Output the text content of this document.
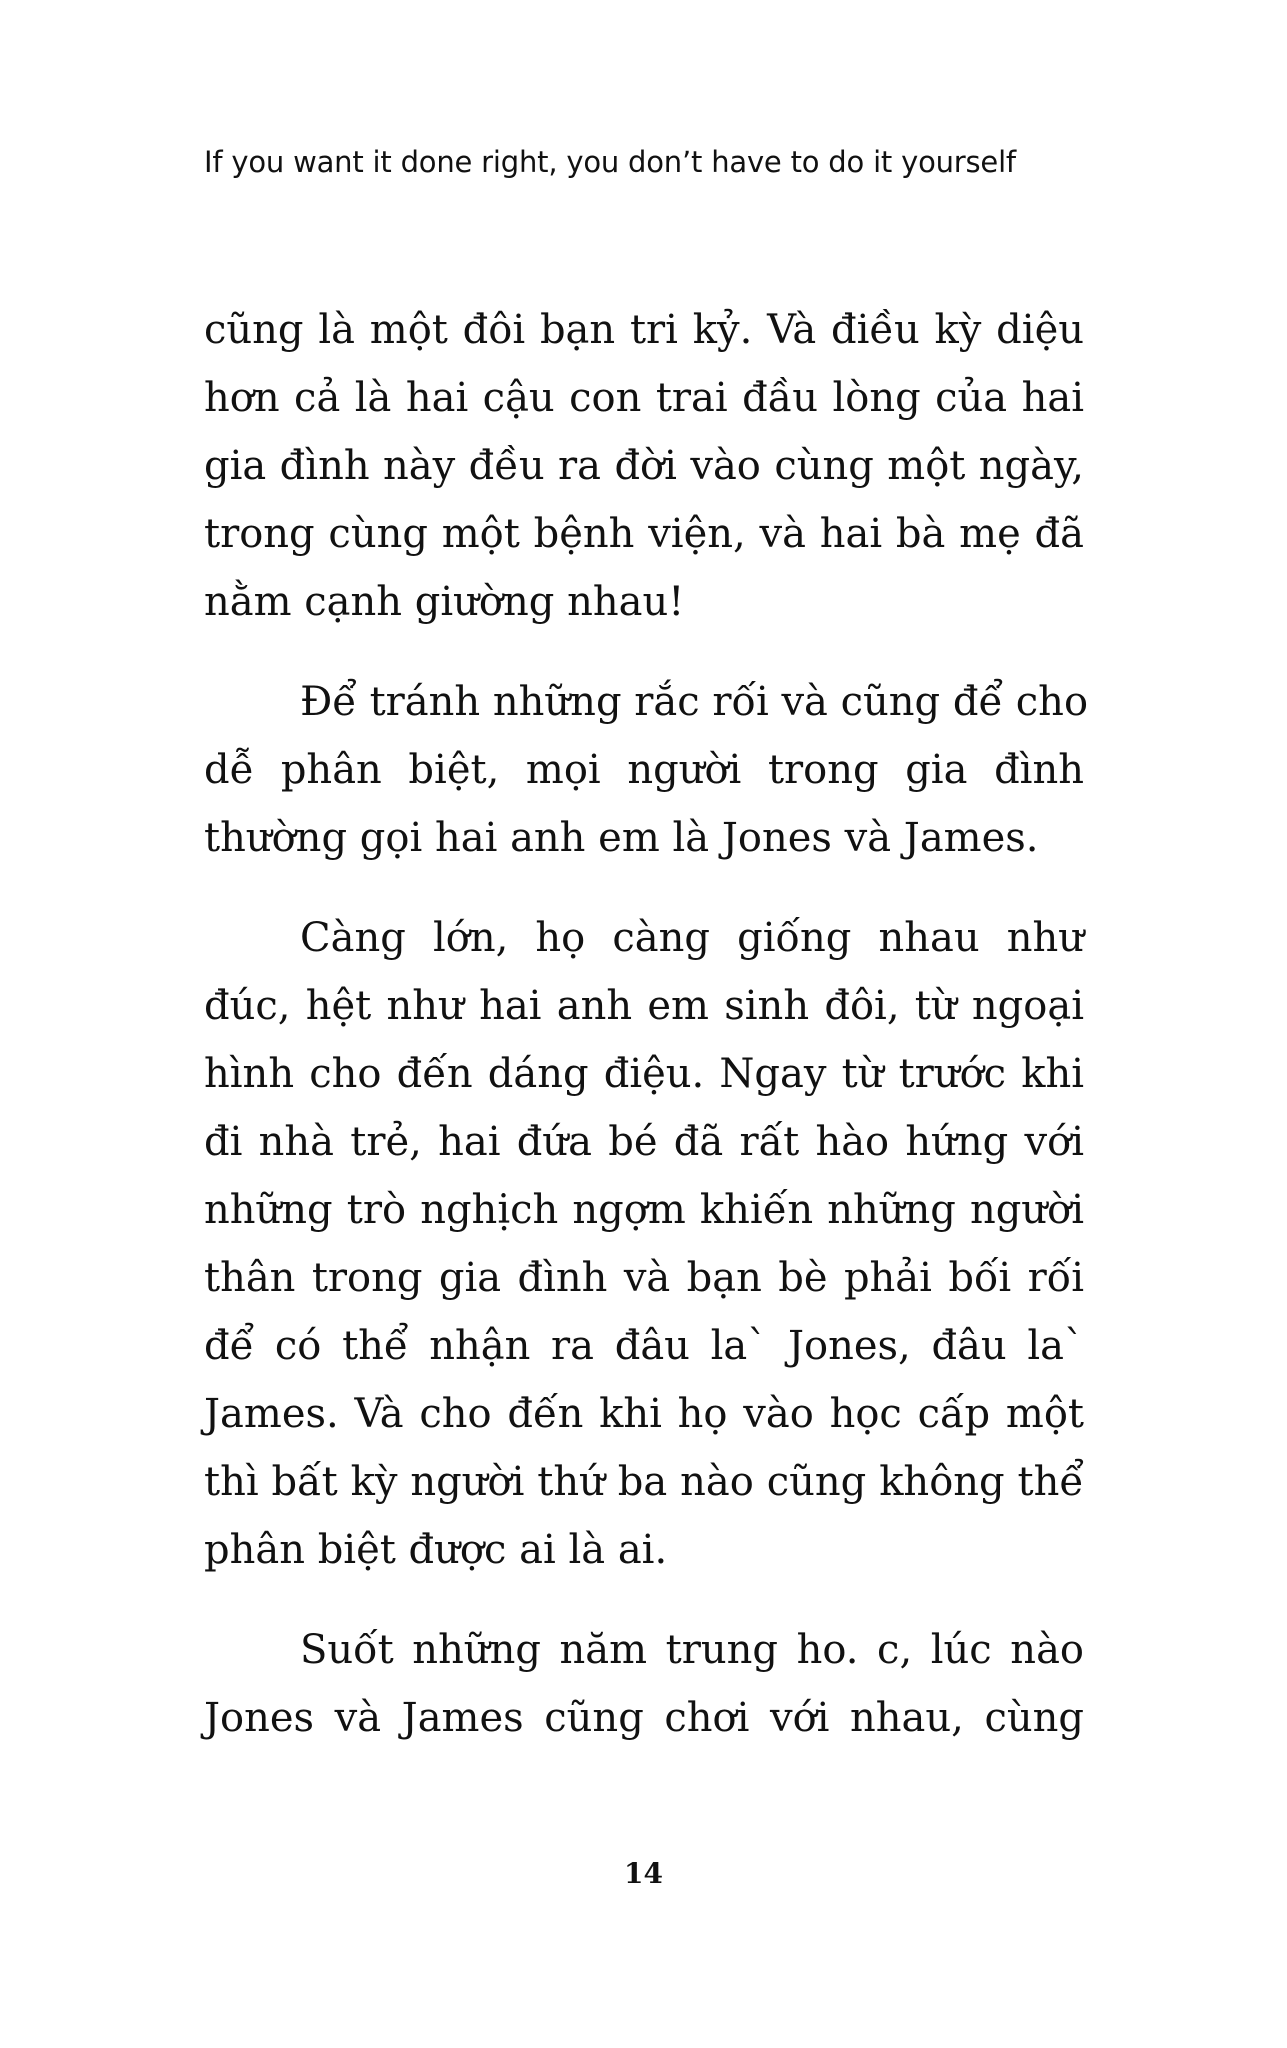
If you want it done right, you don’t have to do it yourself
cũng là một đôi bạn tri kỷ. Và điều kỳ diệu
hơn cả là hai cậu con trai đầu lòng của hai
gia đình này đều ra đời vào cùng một ngày,
trong cùng một bệnh viện, và hai bà mẹ đã
nằm cạnh giường nhau!
Để tránh những rắc rối và cũng để cho
dễ phân biệt, mọi người trong gia đình
thường gọi hai anh em là Jones và James.
Càng lớn, họ càng giống nhau như
đúc, hệt như hai anh em sinh đôi, từ ngoại
hình cho đến dáng điệu. Ngay từ trước khi
đi nhà trẻ, hai đứa bé đã rất hào hứng với
những trò nghịch ngợm khiến những người
thân trong gia đình và bạn bè phải bối rối
để có thể nhận ra đâu la` Jones, đâu la`
James. Và cho đến khi họ vào học cấp một
thì bất kỳ người thứ ba nào cũng không thể
phân biệt được ai là ai.
Suốt những năm trung ho. c, lúc nào
Jones và James cũng chơi với nhau, cùng
14
